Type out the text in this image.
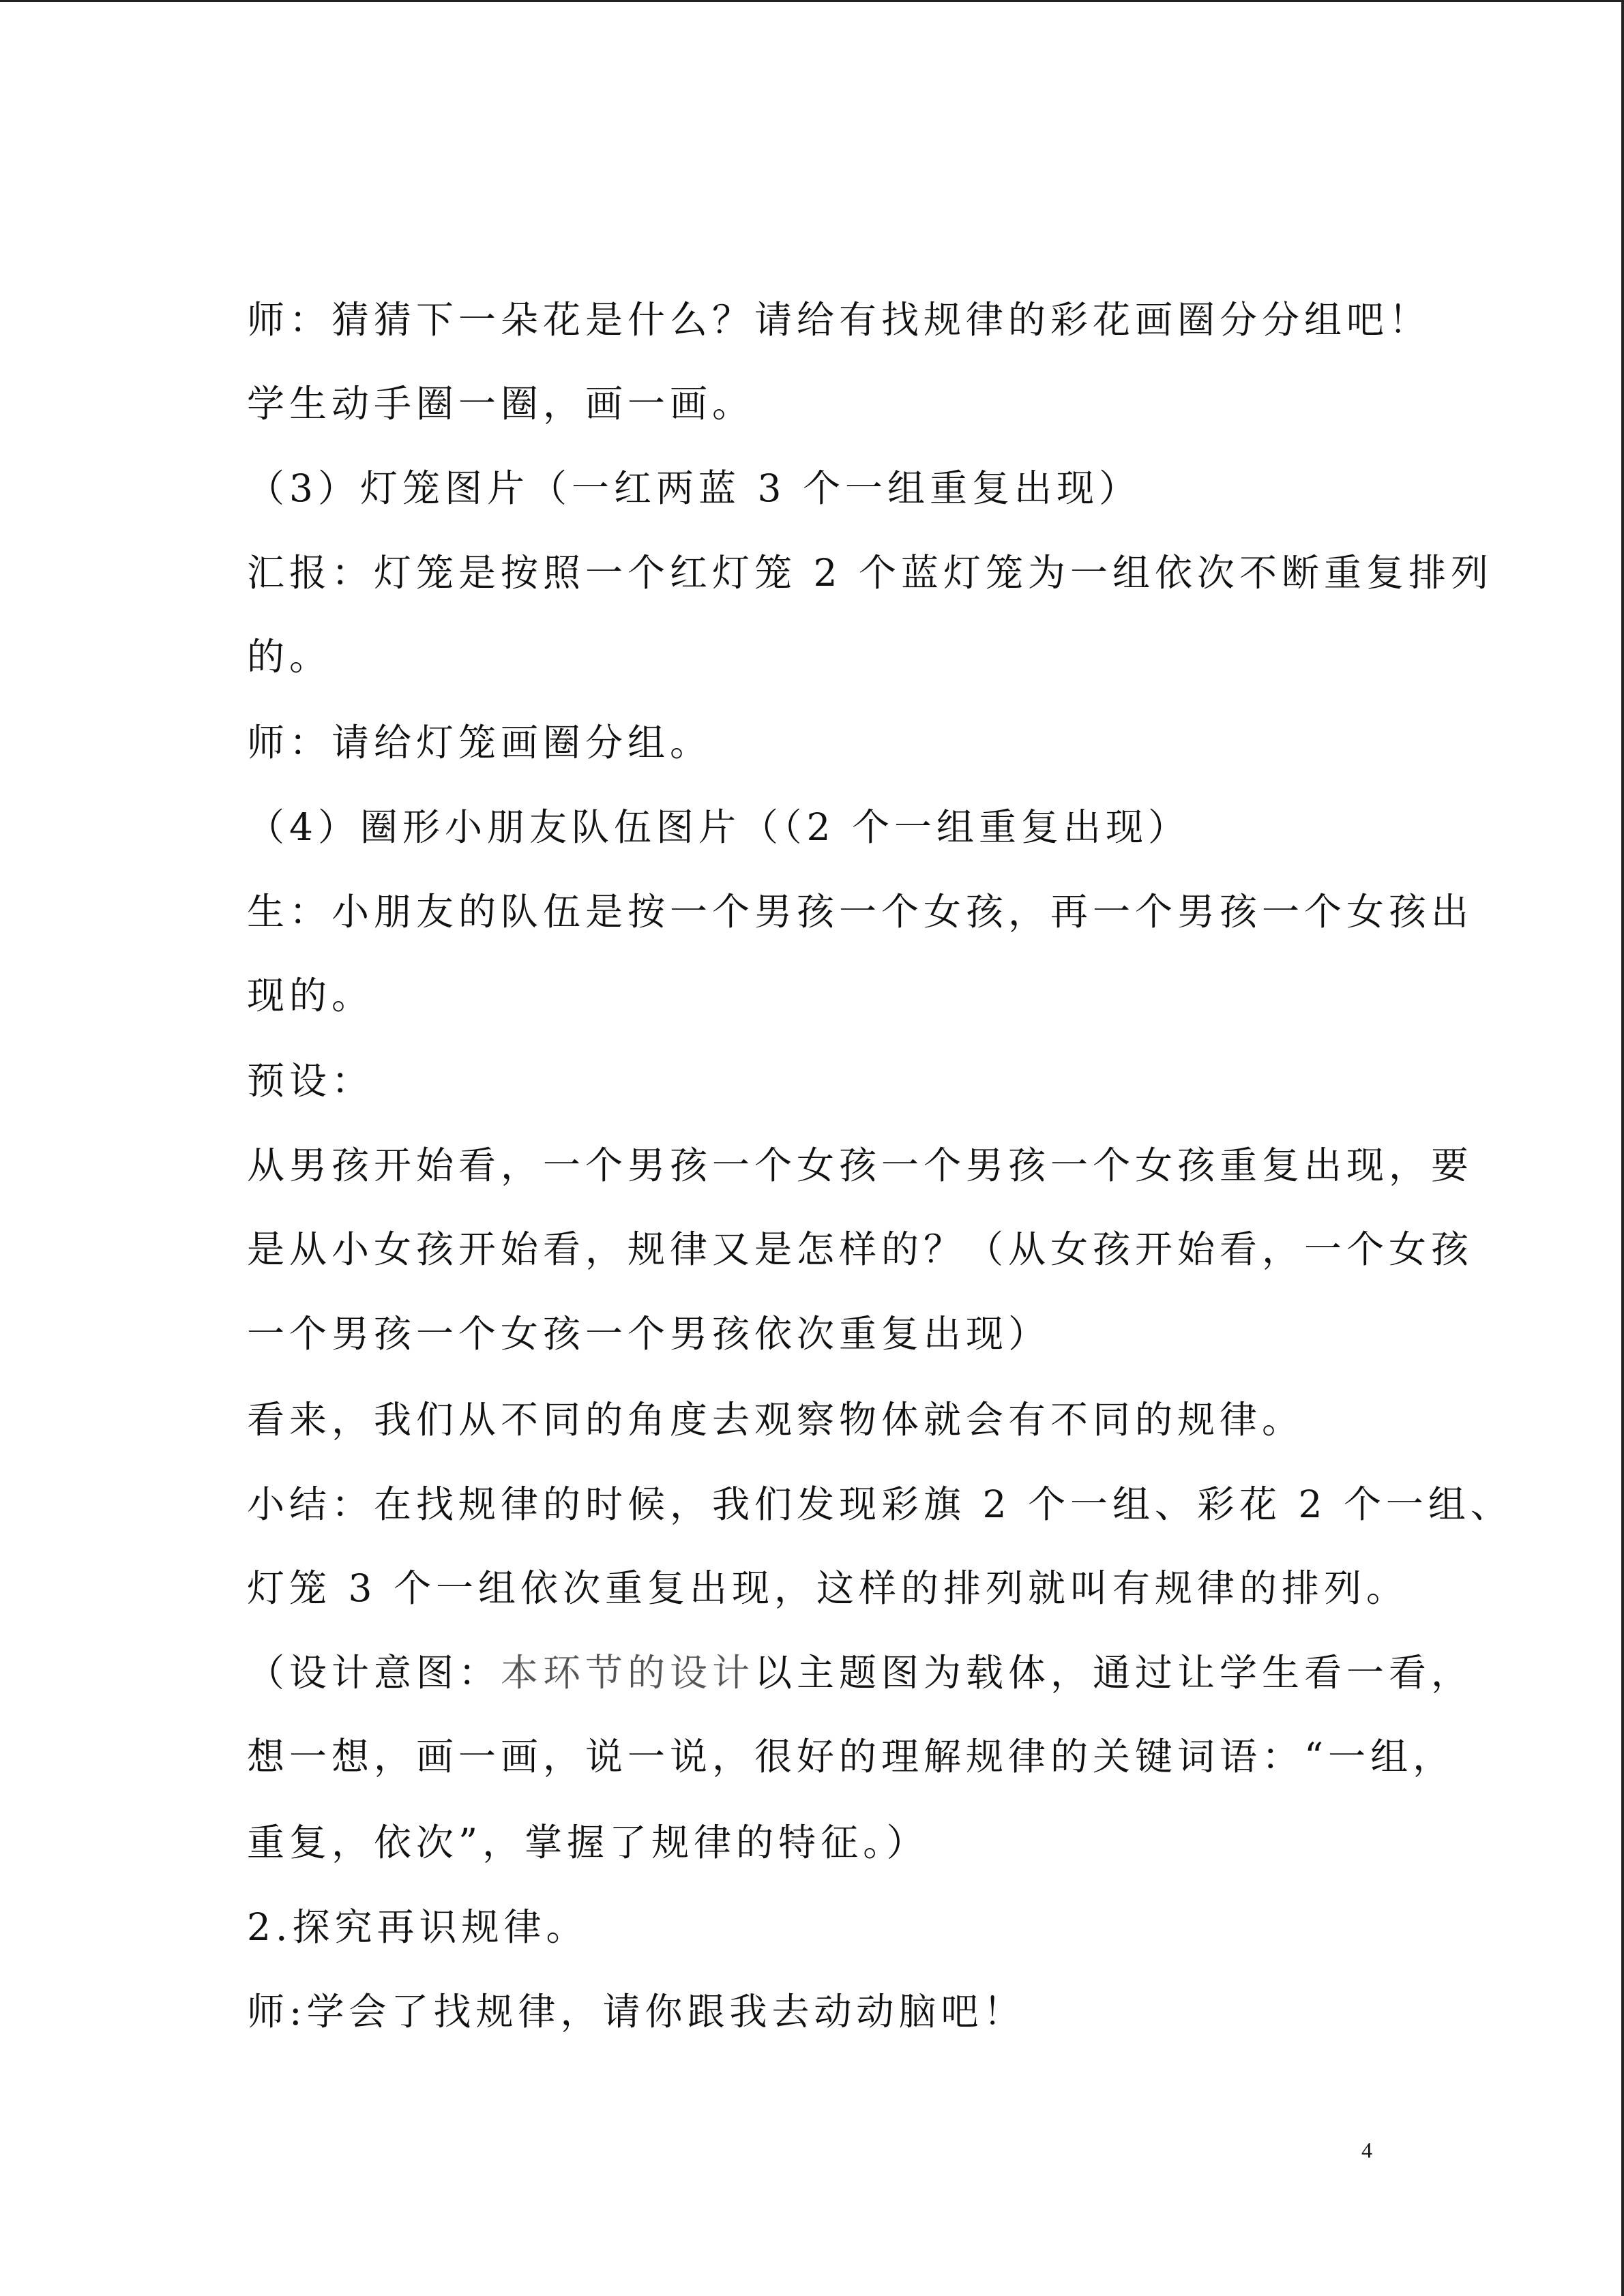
师：猜猜下一朵花是什么？请给有找规律的彩花画圈分分组吧！
学生动手圈一圈，画一画。
（3）灯笼图片（一红两蓝 3 个一组重复出现）
汇报：灯笼是按照一个红灯笼 2 个蓝灯笼为一组依次不断重复排列
的。
师：请给灯笼画圈分组。
（4）圈形小朋友队伍图片（（2 个一组重复出现）
生：小朋友的队伍是按一个男孩一个女孩，再一个男孩一个女孩出
现的。
预设：
从男孩开始看，一个男孩一个女孩一个男孩一个女孩重复出现，要
是从小女孩开始看，规律又是怎样的？（从女孩开始看，一个女孩
一个男孩一个女孩一个男孩依次重复出现）
看来，我们从不同的角度去观察物体就会有不同的规律。
小结：在找规律的时候，我们发现彩旗 2 个一组、彩花 2 个一组、
灯笼 3 个一组依次重复出现，这样的排列就叫有规律的排列。
（设计意图：本环节的设计以主题图为载体，通过让学生看一看，
想一想，画一画，说一说，很好的理解规律的关键词语：“一组，
重复，依次”，掌握了规律的特征。）
2.探究再识规律。
师:学会了找规律，请你跟我去动动脑吧！
4
